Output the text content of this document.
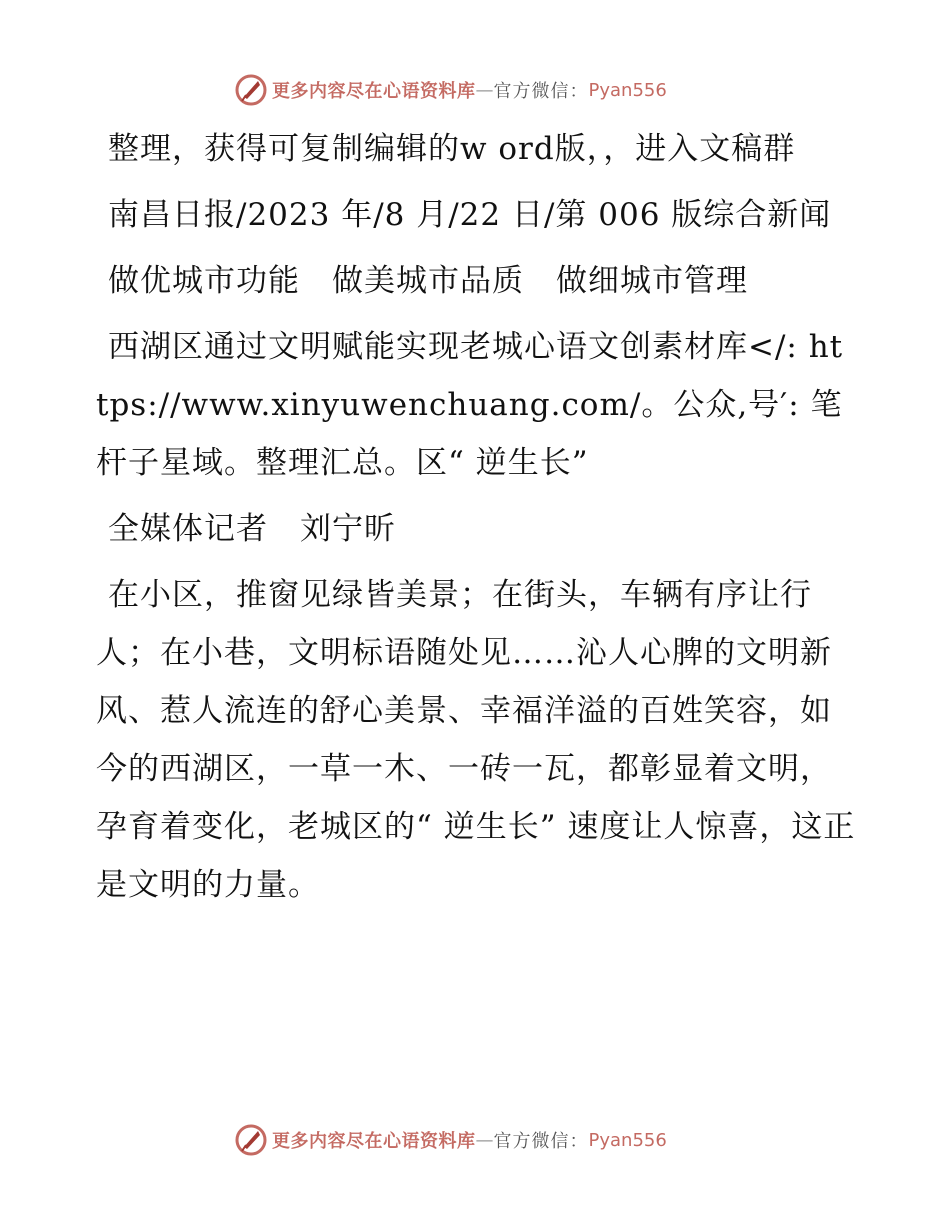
更多内容尽在心语资料库 — 官方微信： Pyan556

整理，获得可复制编辑的w ord版，，进入文稿群

南昌日报/2023 年/8 月/22 日/第 006 版综合新闻

做优城市功能　做美城市品质　做细城市管理

西湖区通过文明赋能实现老城心语文创素材库</: https://www.xinyuwenchuang.com/。公众,号′: 笔杆子星域。整理汇总。区“ 逆生长”

全媒体记者　刘宁昕

在小区，推窗见绿皆美景；在街头，车辆有序让行人；在小巷，文明标语随处见……沁人心脾的文明新风、惹人流连的舒心美景、幸福洋溢的百姓笑容，如今的西湖区，一草一木、一砖一瓦，都彰显着文明，孕育着变化，老城区的“ 逆生长” 速度让人惊喜，这正是文明的力量。

更多内容尽在心语资料库 — 官方微信： Pyan556
